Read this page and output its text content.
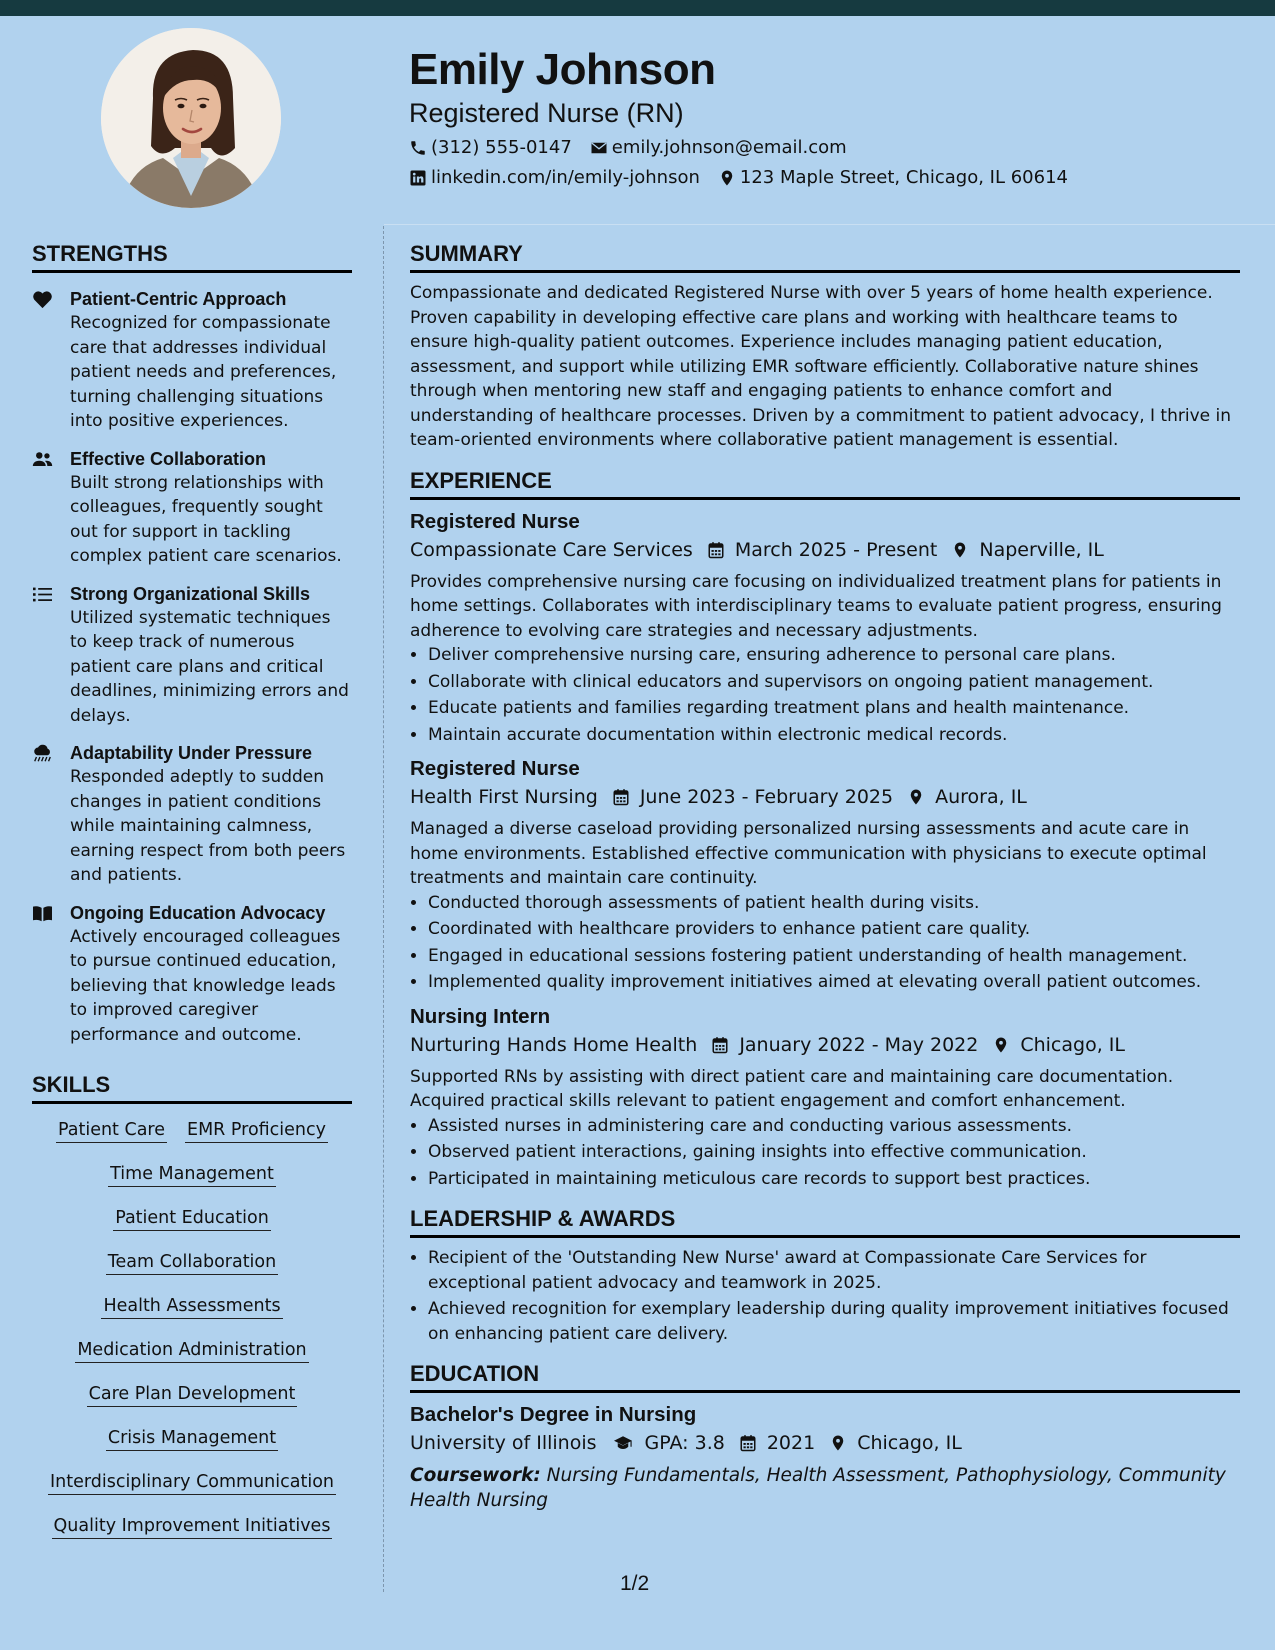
Emily Johnson
Registered Nurse (RN)
(312) 555-0147 emily.johnson@email.com
linkedin.com/in/emily-johnson 123 Maple Street, Chicago, IL 60614
STRENGTHS
Patient-Centric Approach
Recognized for compassionate care that addresses individual patient needs and preferences, turning challenging situations into positive experiences.
Effective Collaboration
Built strong relationships with colleagues, frequently sought out for support in tackling complex patient care scenarios.
Strong Organizational Skills
Utilized systematic techniques to keep track of numerous patient care plans and critical deadlines, minimizing errors and delays.
Adaptability Under Pressure
Responded adeptly to sudden changes in patient conditions while maintaining calmness, earning respect from both peers and patients.
Ongoing Education Advocacy
Actively encouraged colleagues to pursue continued education, believing that knowledge leads to improved caregiver performance and outcome.
SKILLS
Patient Care EMR Proficiency
Time Management
Patient Education
Team Collaboration
Health Assessments
Medication Administration
Care Plan Development
Crisis Management
Interdisciplinary Communication
Quality Improvement Initiatives
SUMMARY
Compassionate and dedicated Registered Nurse with over 5 years of home health experience. Proven capability in developing effective care plans and working with healthcare teams to ensure high-quality patient outcomes. Experience includes managing patient education, assessment, and support while utilizing EMR software efficiently. Collaborative nature shines through when mentoring new staff and engaging patients to enhance comfort and understanding of healthcare processes. Driven by a commitment to patient advocacy, I thrive in team-oriented environments where collaborative patient management is essential.
EXPERIENCE
Registered Nurse
Compassionate Care Services March 2025 - Present Naperville, IL
Provides comprehensive nursing care focusing on individualized treatment plans for patients in home settings. Collaborates with interdisciplinary teams to evaluate patient progress, ensuring adherence to evolving care strategies and necessary adjustments.
• Deliver comprehensive nursing care, ensuring adherence to personal care plans.
• Collaborate with clinical educators and supervisors on ongoing patient management.
• Educate patients and families regarding treatment plans and health maintenance.
• Maintain accurate documentation within electronic medical records.
Registered Nurse
Health First Nursing June 2023 - February 2025 Aurora, IL
Managed a diverse caseload providing personalized nursing assessments and acute care in home environments. Established effective communication with physicians to execute optimal treatments and maintain care continuity.
• Conducted thorough assessments of patient health during visits.
• Coordinated with healthcare providers to enhance patient care quality.
• Engaged in educational sessions fostering patient understanding of health management.
• Implemented quality improvement initiatives aimed at elevating overall patient outcomes.
Nursing Intern
Nurturing Hands Home Health January 2022 - May 2022 Chicago, IL
Supported RNs by assisting with direct patient care and maintaining care documentation. Acquired practical skills relevant to patient engagement and comfort enhancement.
• Assisted nurses in administering care and conducting various assessments.
• Observed patient interactions, gaining insights into effective communication.
• Participated in maintaining meticulous care records to support best practices.
LEADERSHIP & AWARDS
• Recipient of the 'Outstanding New Nurse' award at Compassionate Care Services for exceptional patient advocacy and teamwork in 2025.
• Achieved recognition for exemplary leadership during quality improvement initiatives focused on enhancing patient care delivery.
EDUCATION
Bachelor's Degree in Nursing
University of Illinois	GPA: 3.8 2021 Chicago, IL
Coursework: Nursing Fundamentals, Health Assessment, Pathophysiology, Community Health Nursing
1/2
